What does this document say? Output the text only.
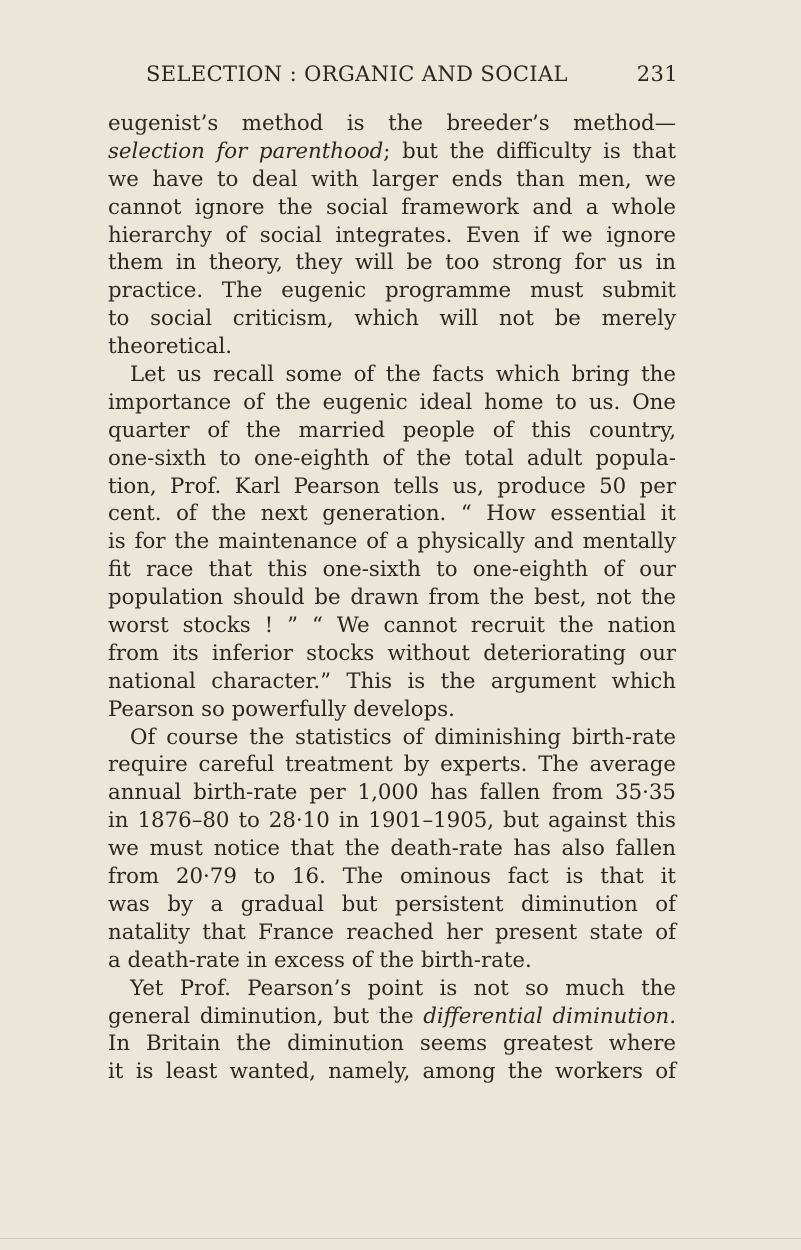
SELECTION : ORGANIC AND SOCIAL	231
eugenist’s method is the breeder’s method—
selection for parenthood; but the difficulty is that
we have to deal with larger ends than men, we
cannot ignore the social framework and a whole
hierarchy of social integrates. Even if we ignore
them in theory, they will be too strong for us in
practice. The eugenic programme must submit
to social criticism, which will not be merely
theoretical.
Let us recall some of the facts which bring the
importance of the eugenic ideal home to us. One
quarter of the married people of this country,
one-sixth to one-eighth of the total adult popula-
tion, Prof. Karl Pearson tells us, produce 50 per
cent. of the next generation. “ How essential it
is for the maintenance of a physically and mentally
fit race that this one-sixth to one-eighth of our
population should be drawn from the best, not the
worst stocks ! ” “ We cannot recruit the nation
from its inferior stocks without deteriorating our
national character.” This is the argument which
Pearson so powerfully develops.
Of course the statistics of diminishing birth-rate
require careful treatment by experts. The average
annual birth-rate per 1,000 has fallen from 35·35
in 1876–80 to 28·10 in 1901–1905, but against this
we must notice that the death-rate has also fallen
from 20·79 to 16. The ominous fact is that it
was by a gradual but persistent diminution of
natality that France reached her present state of
a death-rate in excess of the birth-rate.
Yet Prof. Pearson’s point is not so much the
general diminution, but the differential diminution.
In Britain the diminution seems greatest where
it is least wanted, namely, among the workers of
